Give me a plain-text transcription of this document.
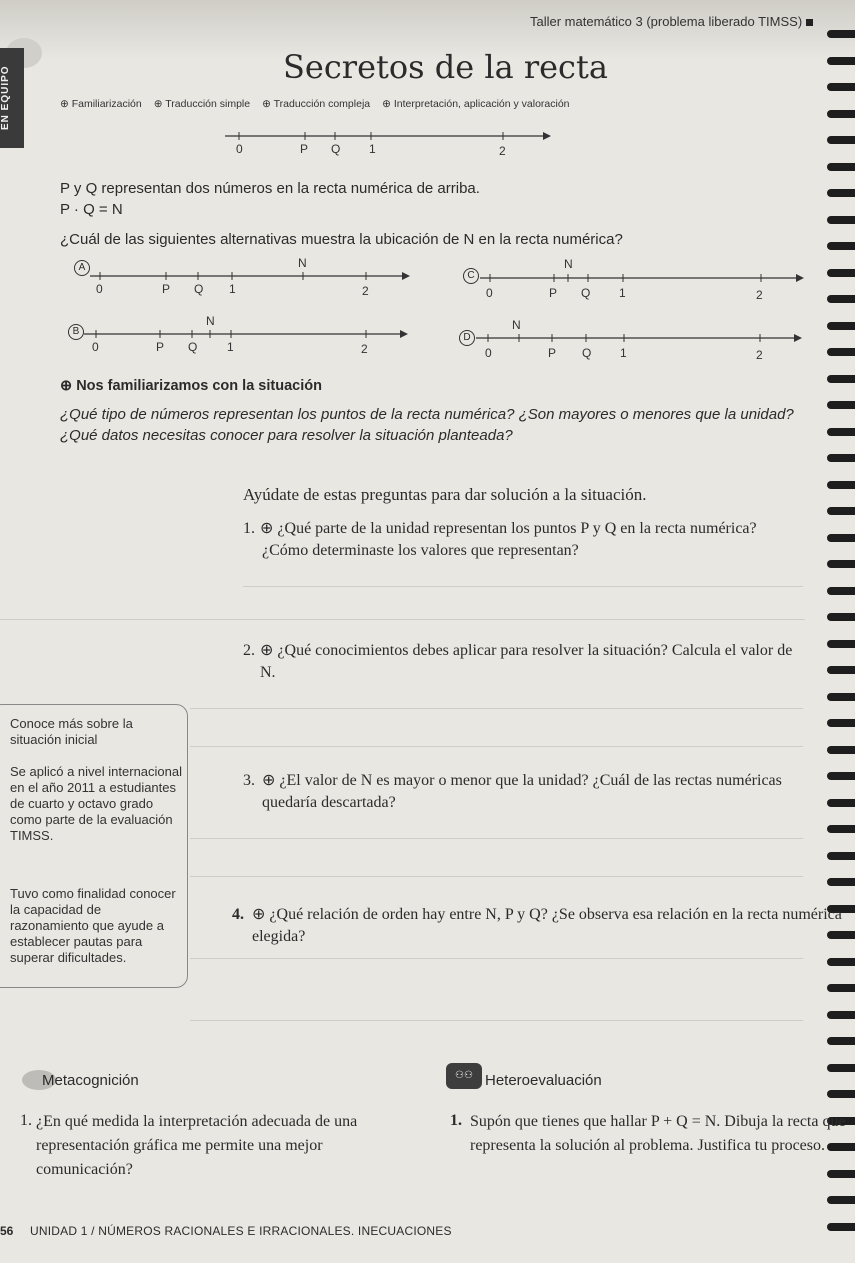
EN EQUIPO
Taller matemático 3 (problema liberado TIMSS)
Secretos de la recta
⊕ Familiarización ⊕ Traducción simple ⊕ Traducción compleja ⊕ Interpretación, aplicación y valoración
0	P Q 1	2
P y Q representan dos números en la recta numérica de arriba.
P · Q = N
¿Cuál de las siguientes alternativas muestra la ubicación de N en la recta numérica?
A	N
0	P Q 1	2
C
N
0	P Q 1	2
B
N
0	P Q 1	2
D
N
0	P Q 1	2
⊕ Nos familiarizamos con la situación
¿Qué tipo de números representan los puntos de la recta numérica? ¿Son mayores o menores que la unidad? ¿Qué datos necesitas conocer para resolver la situación planteada?
Ayúdate de estas preguntas para dar solución a la situación.
1. ⊕ ¿Qué parte de la unidad representan los puntos P y Q en la recta numérica? ¿Cómo determinaste los valores que representan?
2. ⊕ ¿Qué conocimientos debes aplicar para resolver la situación? Calcula el valor de N.
3. ⊕ ¿El valor de N es mayor o menor que la unidad? ¿Cuál de las rectas numéricas quedaría descartada?
4. ⊕ ¿Qué relación de orden hay entre N, P y Q? ¿Se observa esa relación en la recta numérica elegida?
Conoce más sobre la situación inicial
Se aplicó a nivel internacional en el año 2011 a estudiantes de cuarto y octavo grado como parte de la evaluación TIMSS.
Tuvo como finalidad conocer la capacidad de razonamiento que ayude a establecer pautas para superar dificultades.
Metacognición
1. ¿En qué medida la interpretación adecuada de una representación gráfica me permite una mejor comunicación?
⚇⚇ Heteroevaluación
1. Supón que tienes que hallar P + Q = N. Dibuja la recta que representa la solución al problema. Justifica tu proceso.
56 UNIDAD 1 / NÚMEROS RACIONALES E IRRACIONALES. INECUACIONES
